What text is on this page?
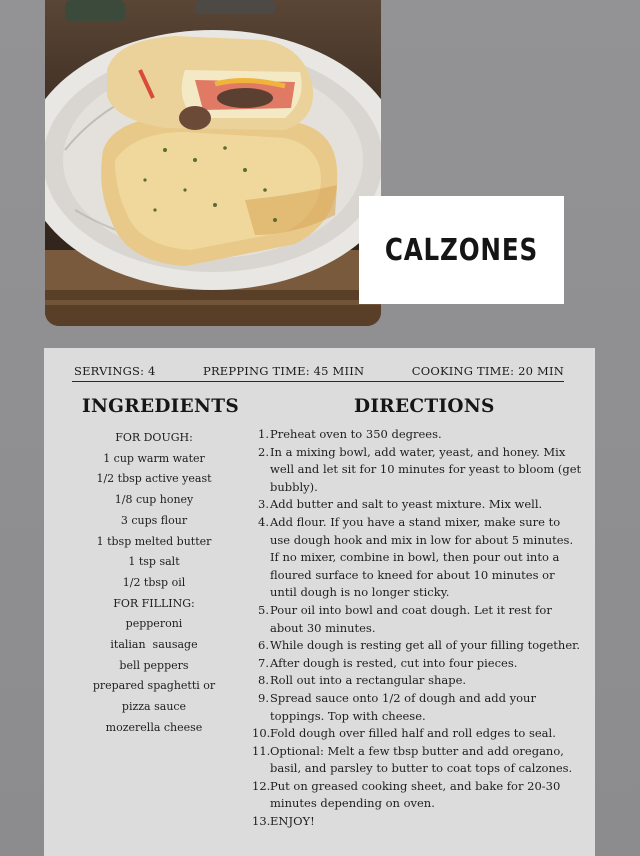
CALZONES
SERVINGS: 4	PREPPING TIME: 45 MIIN	COOKING TIME: 20 MIN
INGREDIENTS	DIRECTIONS
FOR DOUGH:
1 cup warm water
1/2 tbsp active yeast
1/8 cup honey
3 cups flour
1 tbsp melted butter
1 tsp salt
1/2 tbsp oil
FOR FILLING:
pepperoni
italian  sausage
bell peppers
prepared spaghetti or
pizza sauce
mozerella cheese
1. Preheat oven to 350 degrees.
2. In a mixing bowl, add water, yeast, and honey. Mix well and let sit for 10 minutes for yeast to bloom (get bubbly).
3. Add butter and salt to yeast mixture. Mix well.
4. Add flour. If you have a stand mixer, make sure to use dough hook and mix in low for about 5 minutes. If no mixer, combine in bowl, then pour out into a floured surface to kneed for about 10 minutes or until dough is no longer sticky.
5. Pour oil into bowl and coat dough. Let it rest for about 30 minutes.
6. While dough is resting get all of your filling together.
7. After dough is rested, cut into four pieces.
8. Roll out into a rectangular shape.
9. Spread sauce onto 1/2 of dough and add your toppings. Top with cheese.
10. Fold dough over filled half and roll edges to seal.
11. Optional: Melt a few tbsp butter and add oregano, basil, and parsley to butter to coat tops of calzones.
12. Put on greased cooking sheet, and bake for 20-30 minutes depending on oven.
13. ENJOY!
